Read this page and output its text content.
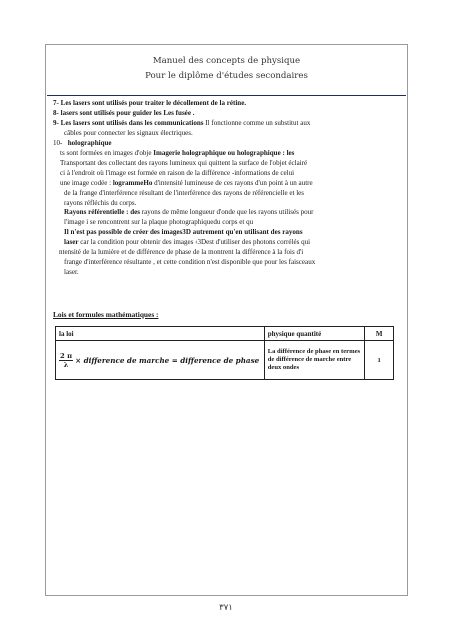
Manuel des concepts de physique
Pour le diplôme d'études secondaires

7- Les lasers sont utilisés pour traiter le décollement de la rétine.

8- lasers sont utilisés pour guider les Les fusée .

9- Les lasers sont utilisés dans les communications Il fonctionne comme un substitut aux

câbles pour connecter les signaux électriques.

10- holographique

ts sont formées en images d'obje Imagerie holographique ou holographique : les

Transportant des collectant des rayons lumineux qui quittent la surface de l'objet éclairé

ci à l'endroit où l'image est formée en raison de la différence -informations de celui

une image codée : logrammeHo d'intensité lumineuse de ces rayons d'un point à un autre

de la frange d'interférence résultant de l'interférence des rayons de référencielle et les

rayons réfléchis du corps.

Rayons référentielle : des rayons de même longueur d'onde que les rayons utilisés pour

l'image i se rencontrent sur la plaque photographiquedu corps et qu

Il n'est pas possible de créer des images3D autrement qu'en utilisant des rayons

laser car la condition pour obtenir des images ‹3Dest d'utiliser des photons corrélés qui

ntensité de la lumière et de différence de phase de la montrent la différence à la fois d'i

frange d'interférence résultante , et cette condition n'est disponible que pour les faisceaux

laser.

Lois et formules mathématiques :
la loi	physique quantité	M

$\frac{2 \pi}{\lambda}$ × difference de marche = difference de phase	La différence de phase en termes de différence de marche entre deux ondes	1
٣٧١
